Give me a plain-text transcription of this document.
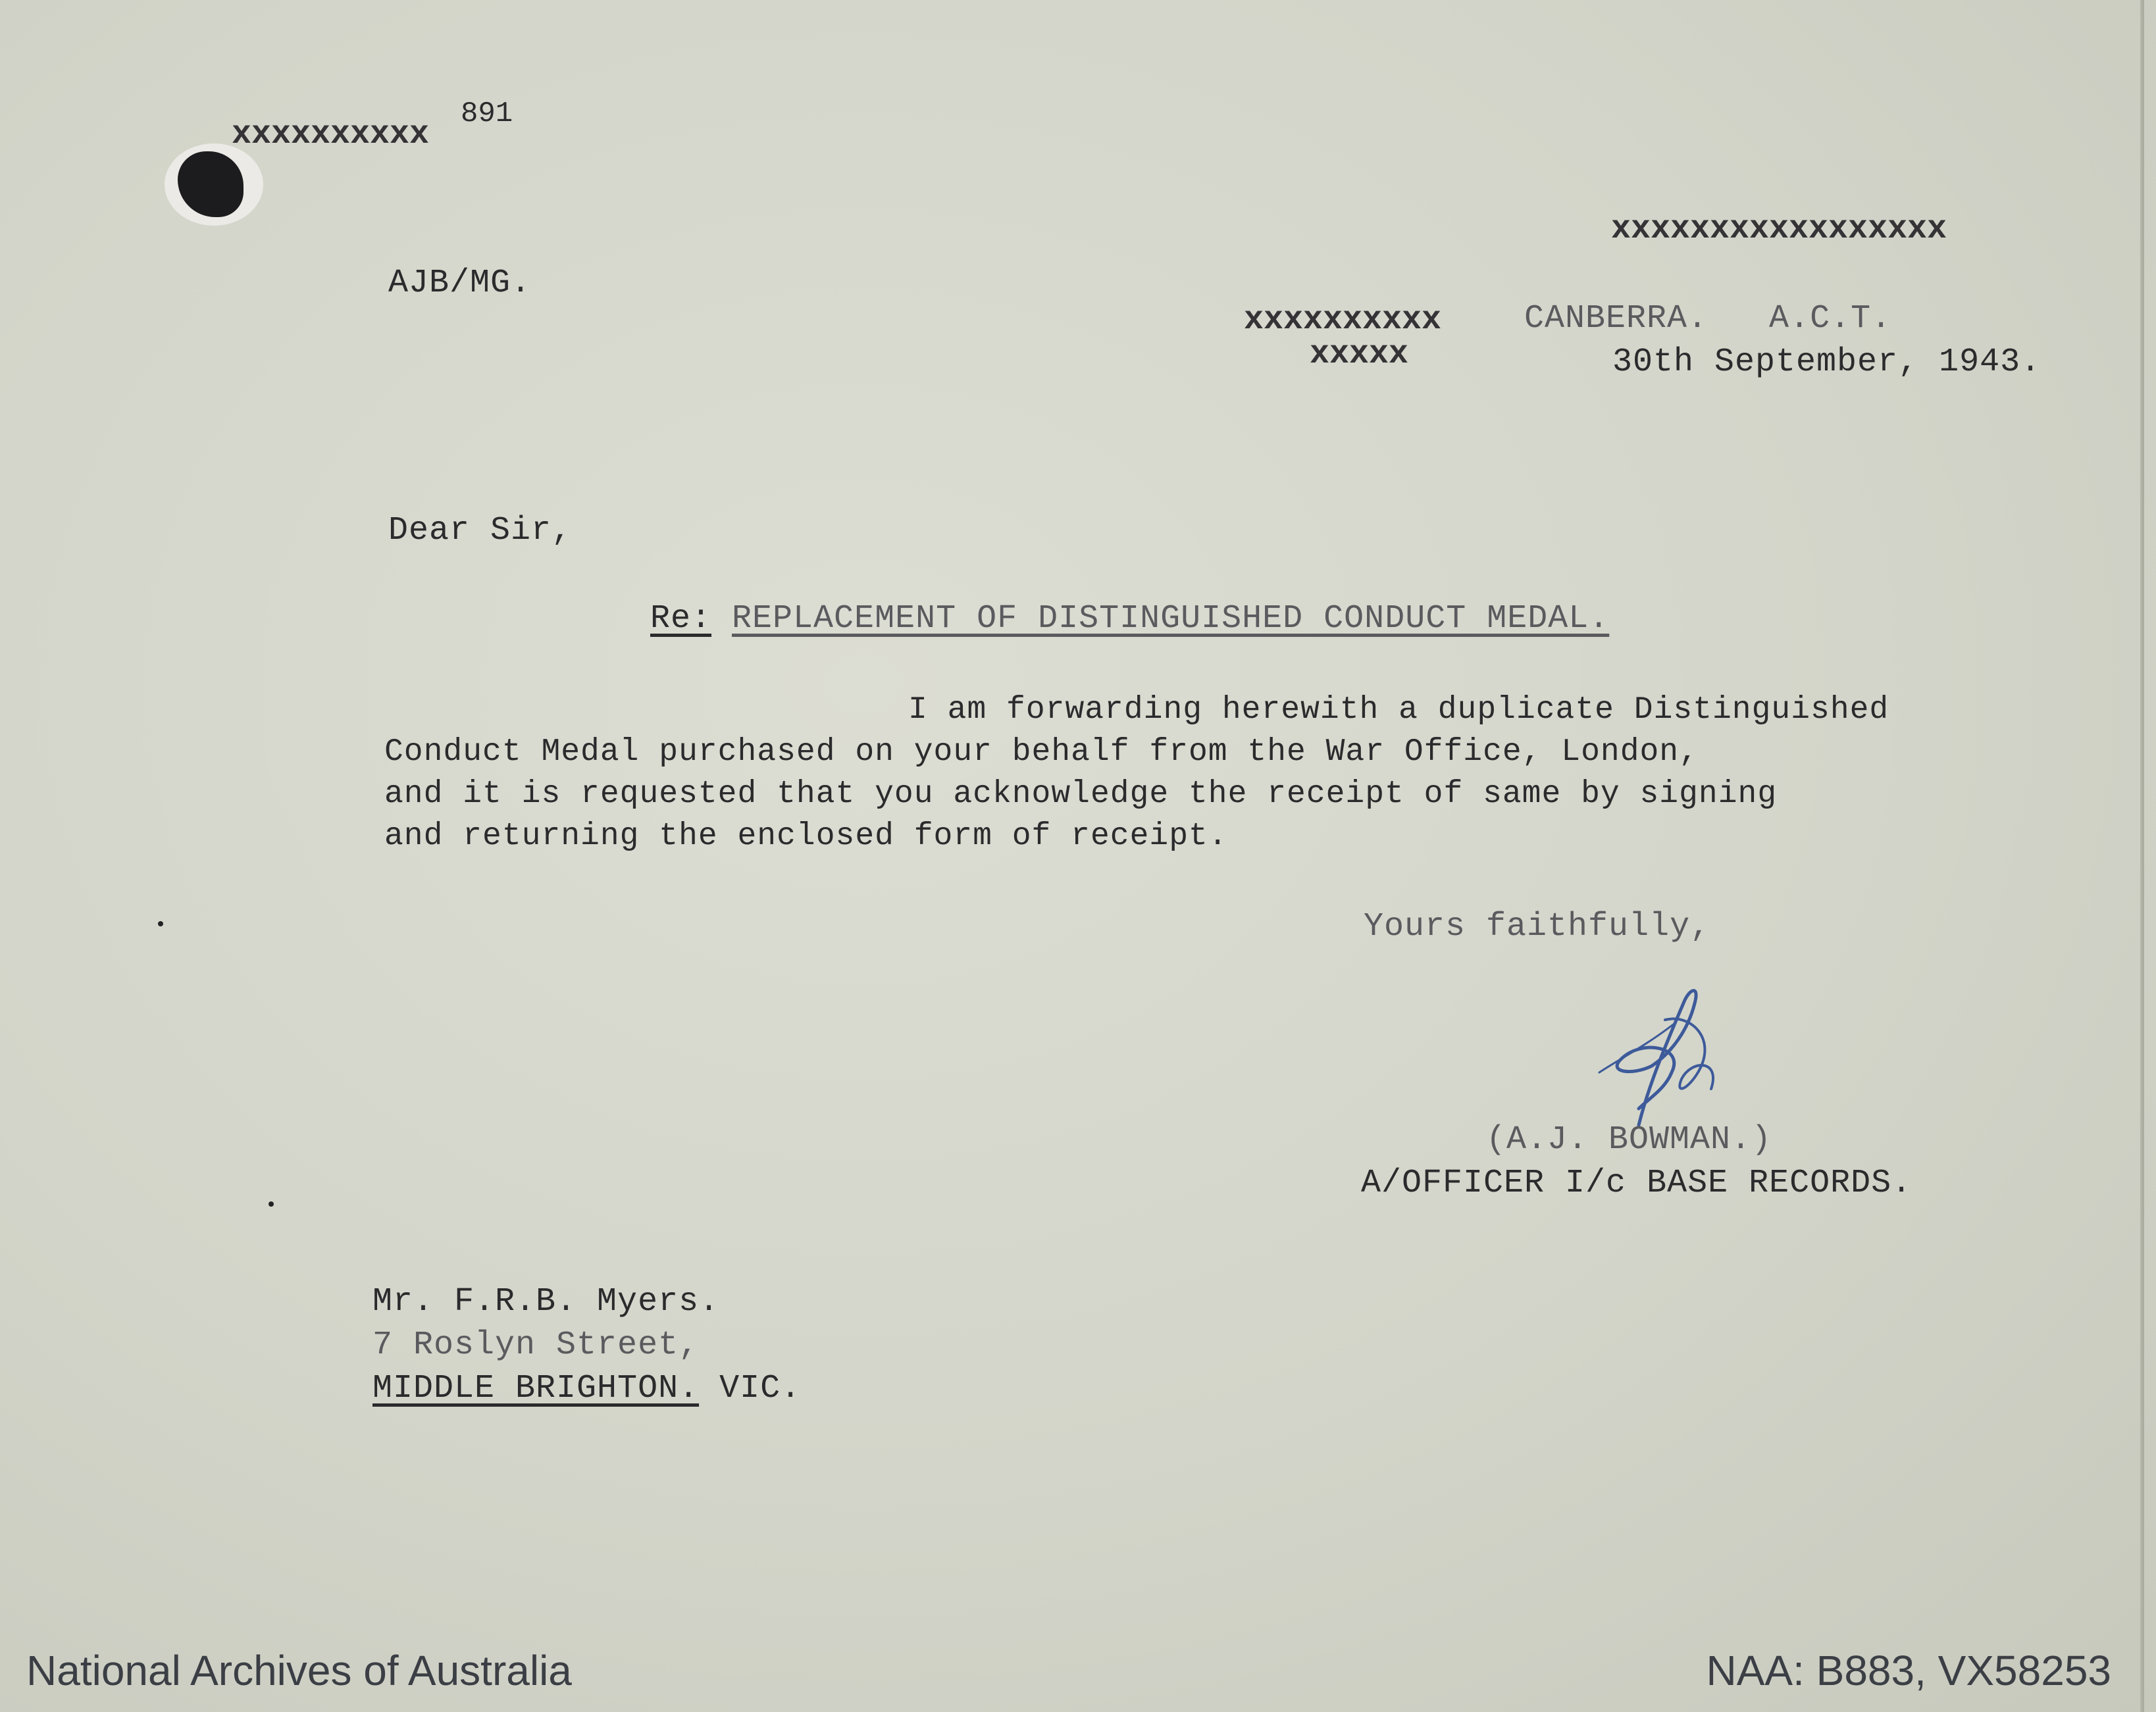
xxxxxxxxxx
891
xxxxxxxxxxxxxxxxx
AJB/MG.
xxxxxxxxxx
xxxxx
CANBERRA.   A.C.T.
30th September, 1943.
Dear Sir,
Re: REPLACEMENT OF DISTINGUISHED CONDUCT MEDAL.
I am forwarding herewith a duplicate Distinguished
Conduct Medal purchased on your behalf from the War Office, London,
and it is requested that you acknowledge the receipt of same by signing
and returning the enclosed form of receipt.
Yours faithfully,
(A.J. BOWMAN.)
A/OFFICER I/c BASE RECORDS.
Mr. F.R.B. Myers.
7 Roslyn Street,
MIDDLE BRIGHTON. VIC.
National Archives of Australia	NAA: B883, VX58253
